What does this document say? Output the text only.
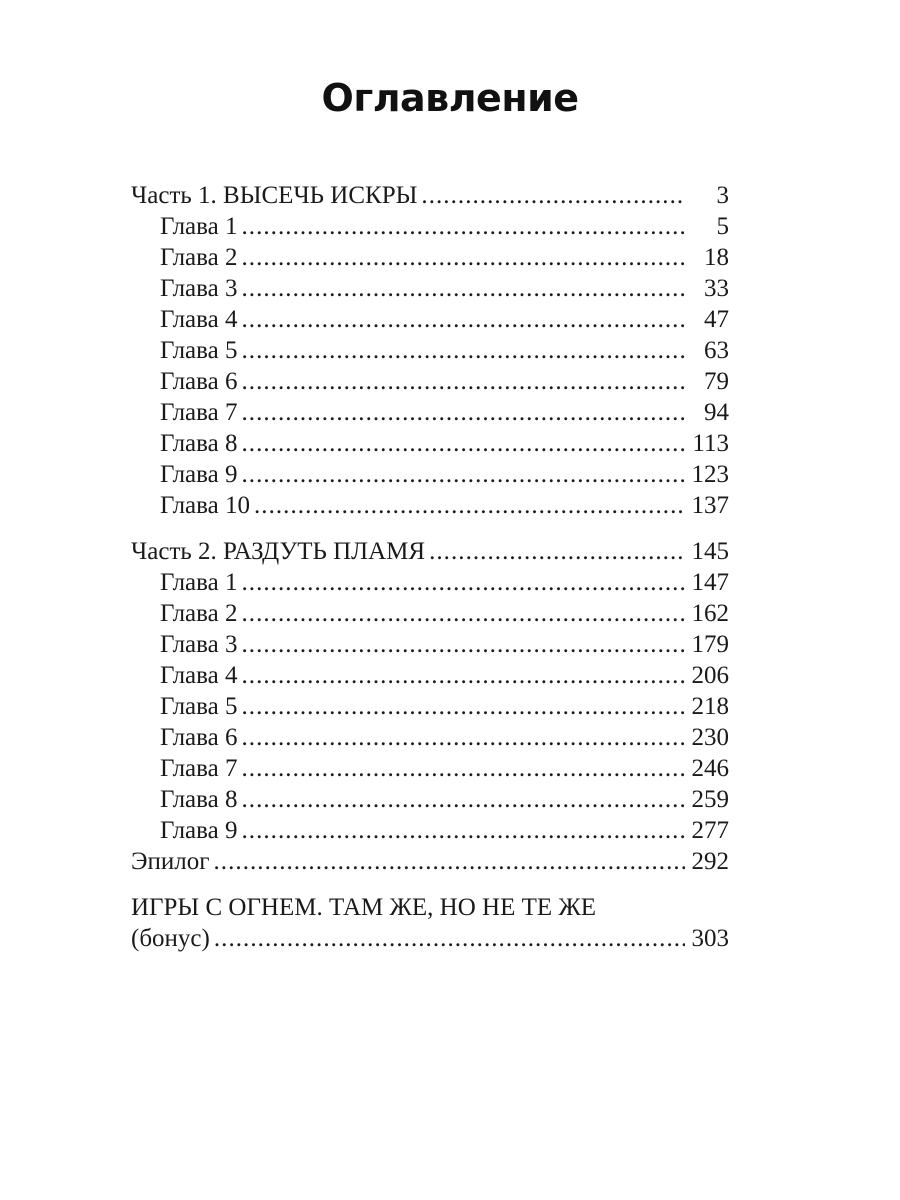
Оглавление
Часть 1. ВЫСЕЧЬ ИСКРЫ . . .	3
Глава 1 . . .	5
Глава 2 . . .	18
Глава 3 . . .	33
Глава 4 . . .	47
Глава 5 . . .	63
Глава 6 . . .	79
Глава 7 . . .	94
Глава 8 . . .	113
Глава 9 . . .	123
Глава 10 . . .	137
Часть 2. РАЗДУТЬ ПЛАМЯ . . .	145
Глава 1 . . .	147
Глава 2 . . .	162
Глава 3 . . .	179
Глава 4 . . .	206
Глава 5 . . .	218
Глава 6 . . .	230
Глава 7 . . .	246
Глава 8 . . .	259
Глава 9 . . .	277
Эпилог . . .	292
ИГРЫ С ОГНЕМ. ТАМ ЖЕ, НО НЕ ТЕ ЖЕ
(бонус) . . .	303
